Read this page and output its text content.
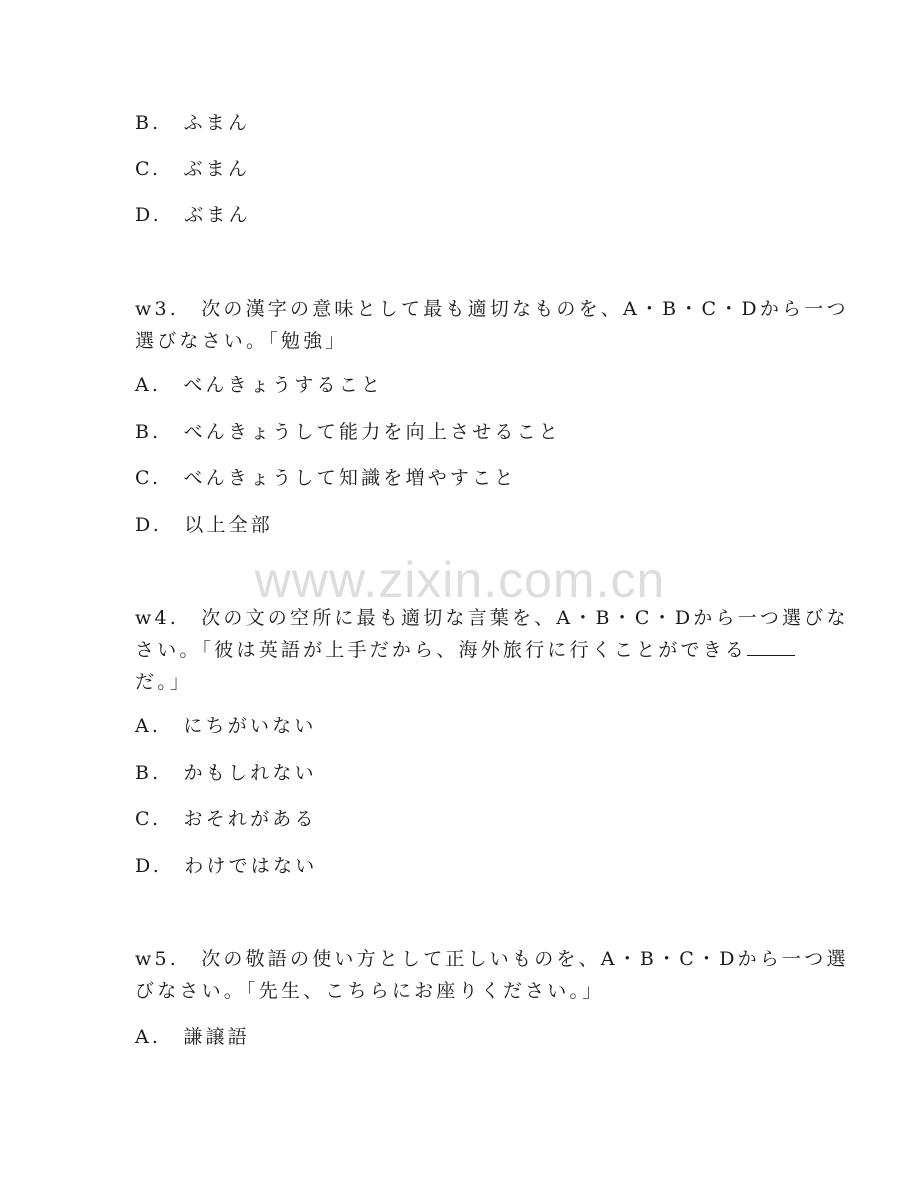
B.　ふまん
C.　ぶまん
D.　ぶまん
w3.　次の漢字の意味として最も適切なものを、A・B・C・Dから一つ
選びなさい。「勉強」
A.　べんきょうすること
B.　べんきょうして能力を向上させること
C.　べんきょうして知識を増やすこと
D.　以上全部
www.zixin.com.cn
w4.　次の文の空所に最も適切な言葉を、A・B・C・Dから一つ選びな
さい。「彼は英語が上手だから、海外旅行に行くことができる
だ。」
A.　にちがいない
B.　かもしれない
C.　おそれがある
D.　わけではない
w5.　次の敬語の使い方として正しいものを、A・B・C・Dから一つ選
びなさい。「先生、こちらにお座りください。」
A.　謙譲語
